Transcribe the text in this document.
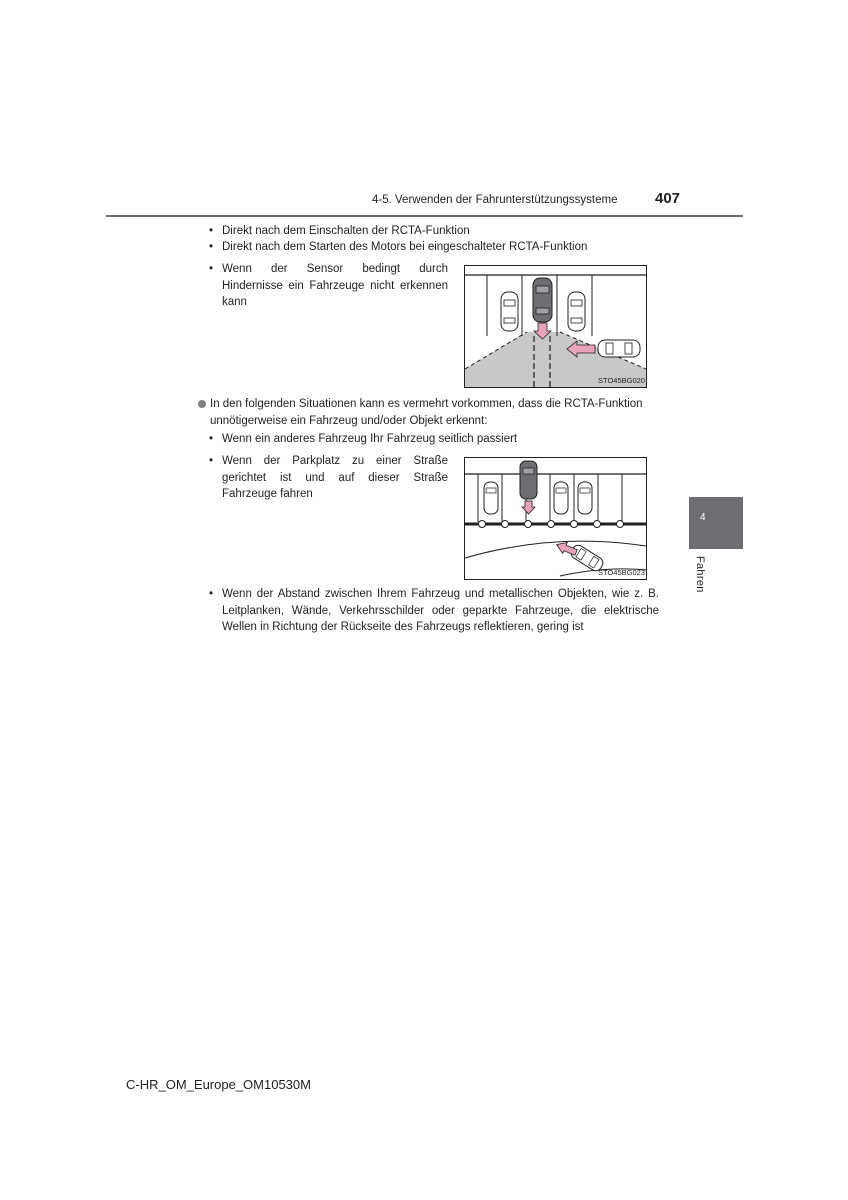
4-5. Verwenden der Fahrunterstützungssysteme	407
4
Fahren
• Direkt nach dem Einschalten der RCTA-Funktion
• Direkt nach dem Starten des Motors bei eingeschalteter RCTA-Funktion
• Wenn der Sensor bedingt durch Hindernisse ein Fahrzeuge nicht erkennen kann
STO45BG020
In den folgenden Situationen kann es vermehrt vorkommen, dass die RCTA-Funktion unnötigerweise ein Fahrzeug und/oder Objekt erkennt:
• Wenn ein anderes Fahrzeug Ihr Fahrzeug seitlich passiert
• Wenn der Parkplatz zu einer Straße gerichtet ist und auf dieser Straße Fahrzeuge fahren
STO45BG023
• Wenn der Abstand zwischen Ihrem Fahrzeug und metallischen Objekten, wie z. B. Leitplanken, Wände, Verkehrsschilder oder geparkte Fahrzeuge, die elektrische Wellen in Richtung der Rückseite des Fahrzeugs reflektieren, gering ist
C-HR_OM_Europe_OM10530M
